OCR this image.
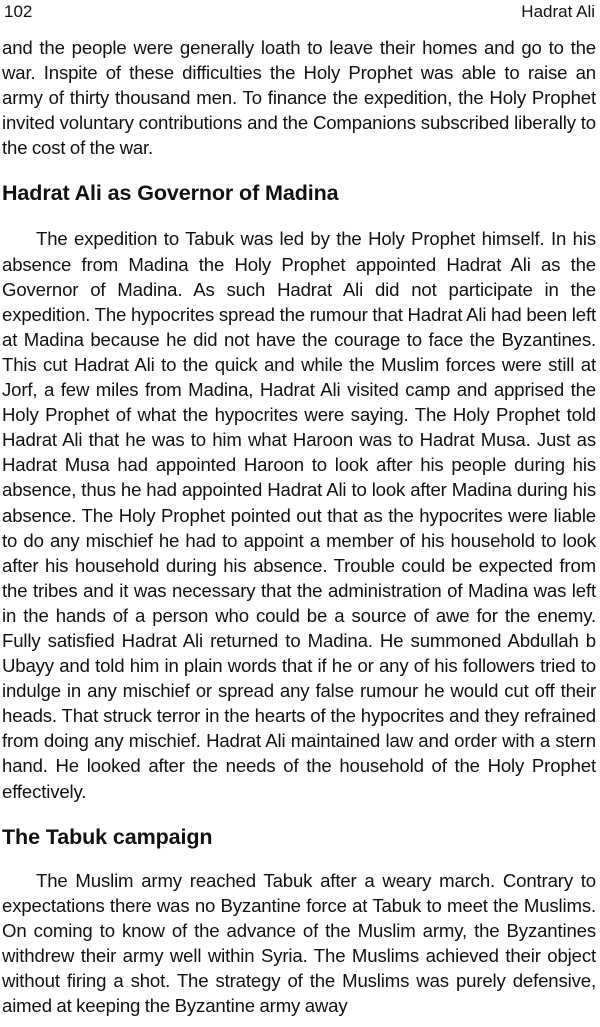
102	Hadrat Ali

and the people were generally loath to leave their homes and go to the war. Inspite of these difficulties the Holy Prophet was able to raise an army of thirty thousand men. To finance the expedition, the Holy Prophet invited voluntary contributions and the Companions subscribed liberally to the cost of the war.

Hadrat Ali as Governor of Madina

The expedition to Tabuk was led by the Holy Prophet himself. In his absence from Madina the Holy Prophet appointed Hadrat Ali as the Governor of Madina. As such Hadrat Ali did not participate in the expedition. The hypocrites spread the rumour that Hadrat Ali had been left at Madina because he did not have the courage to face the Byzantines. This cut Hadrat Ali to the quick and while the Muslim forces were still at Jorf, a few miles from Madina, Hadrat Ali visited camp and apprised the Holy Prophet of what the hypocrites were saying. The Holy Prophet told Hadrat Ali that he was to him what Haroon was to Hadrat Musa. Just as Hadrat Musa had appointed Haroon to look after his people during his absence, thus he had appointed Hadrat Ali to look after Madina during his absence. The Holy Prophet pointed out that as the hypocrites were liable to do any mischief he had to appoint a member of his household to look after his household during his absence. Trouble could be expected from the tribes and it was necessary that the administration of Madina was left in the hands of a person who could be a source of awe for the enemy. Fully satisfied Hadrat Ali returned to Madina. He summoned Abdullah b Ubayy and told him in plain words that if he or any of his followers tried to indulge in any mischief or spread any false rumour he would cut off their heads. That struck terror in the hearts of the hypocrites and they refrained from doing any mischief. Hadrat Ali maintained law and order with a stern hand. He looked after the needs of the household of the Holy Prophet effectively.

The Tabuk campaign

The Muslim army reached Tabuk after a weary march. Contrary to expectations there was no Byzantine force at Tabuk to meet the Muslims. On coming to know of the advance of the Muslim army, the Byzantines withdrew their army well within Syria. The Muslims achieved their object without firing a shot. The strategy of the Muslims was purely defensive, aimed at keeping the Byzantine army away
